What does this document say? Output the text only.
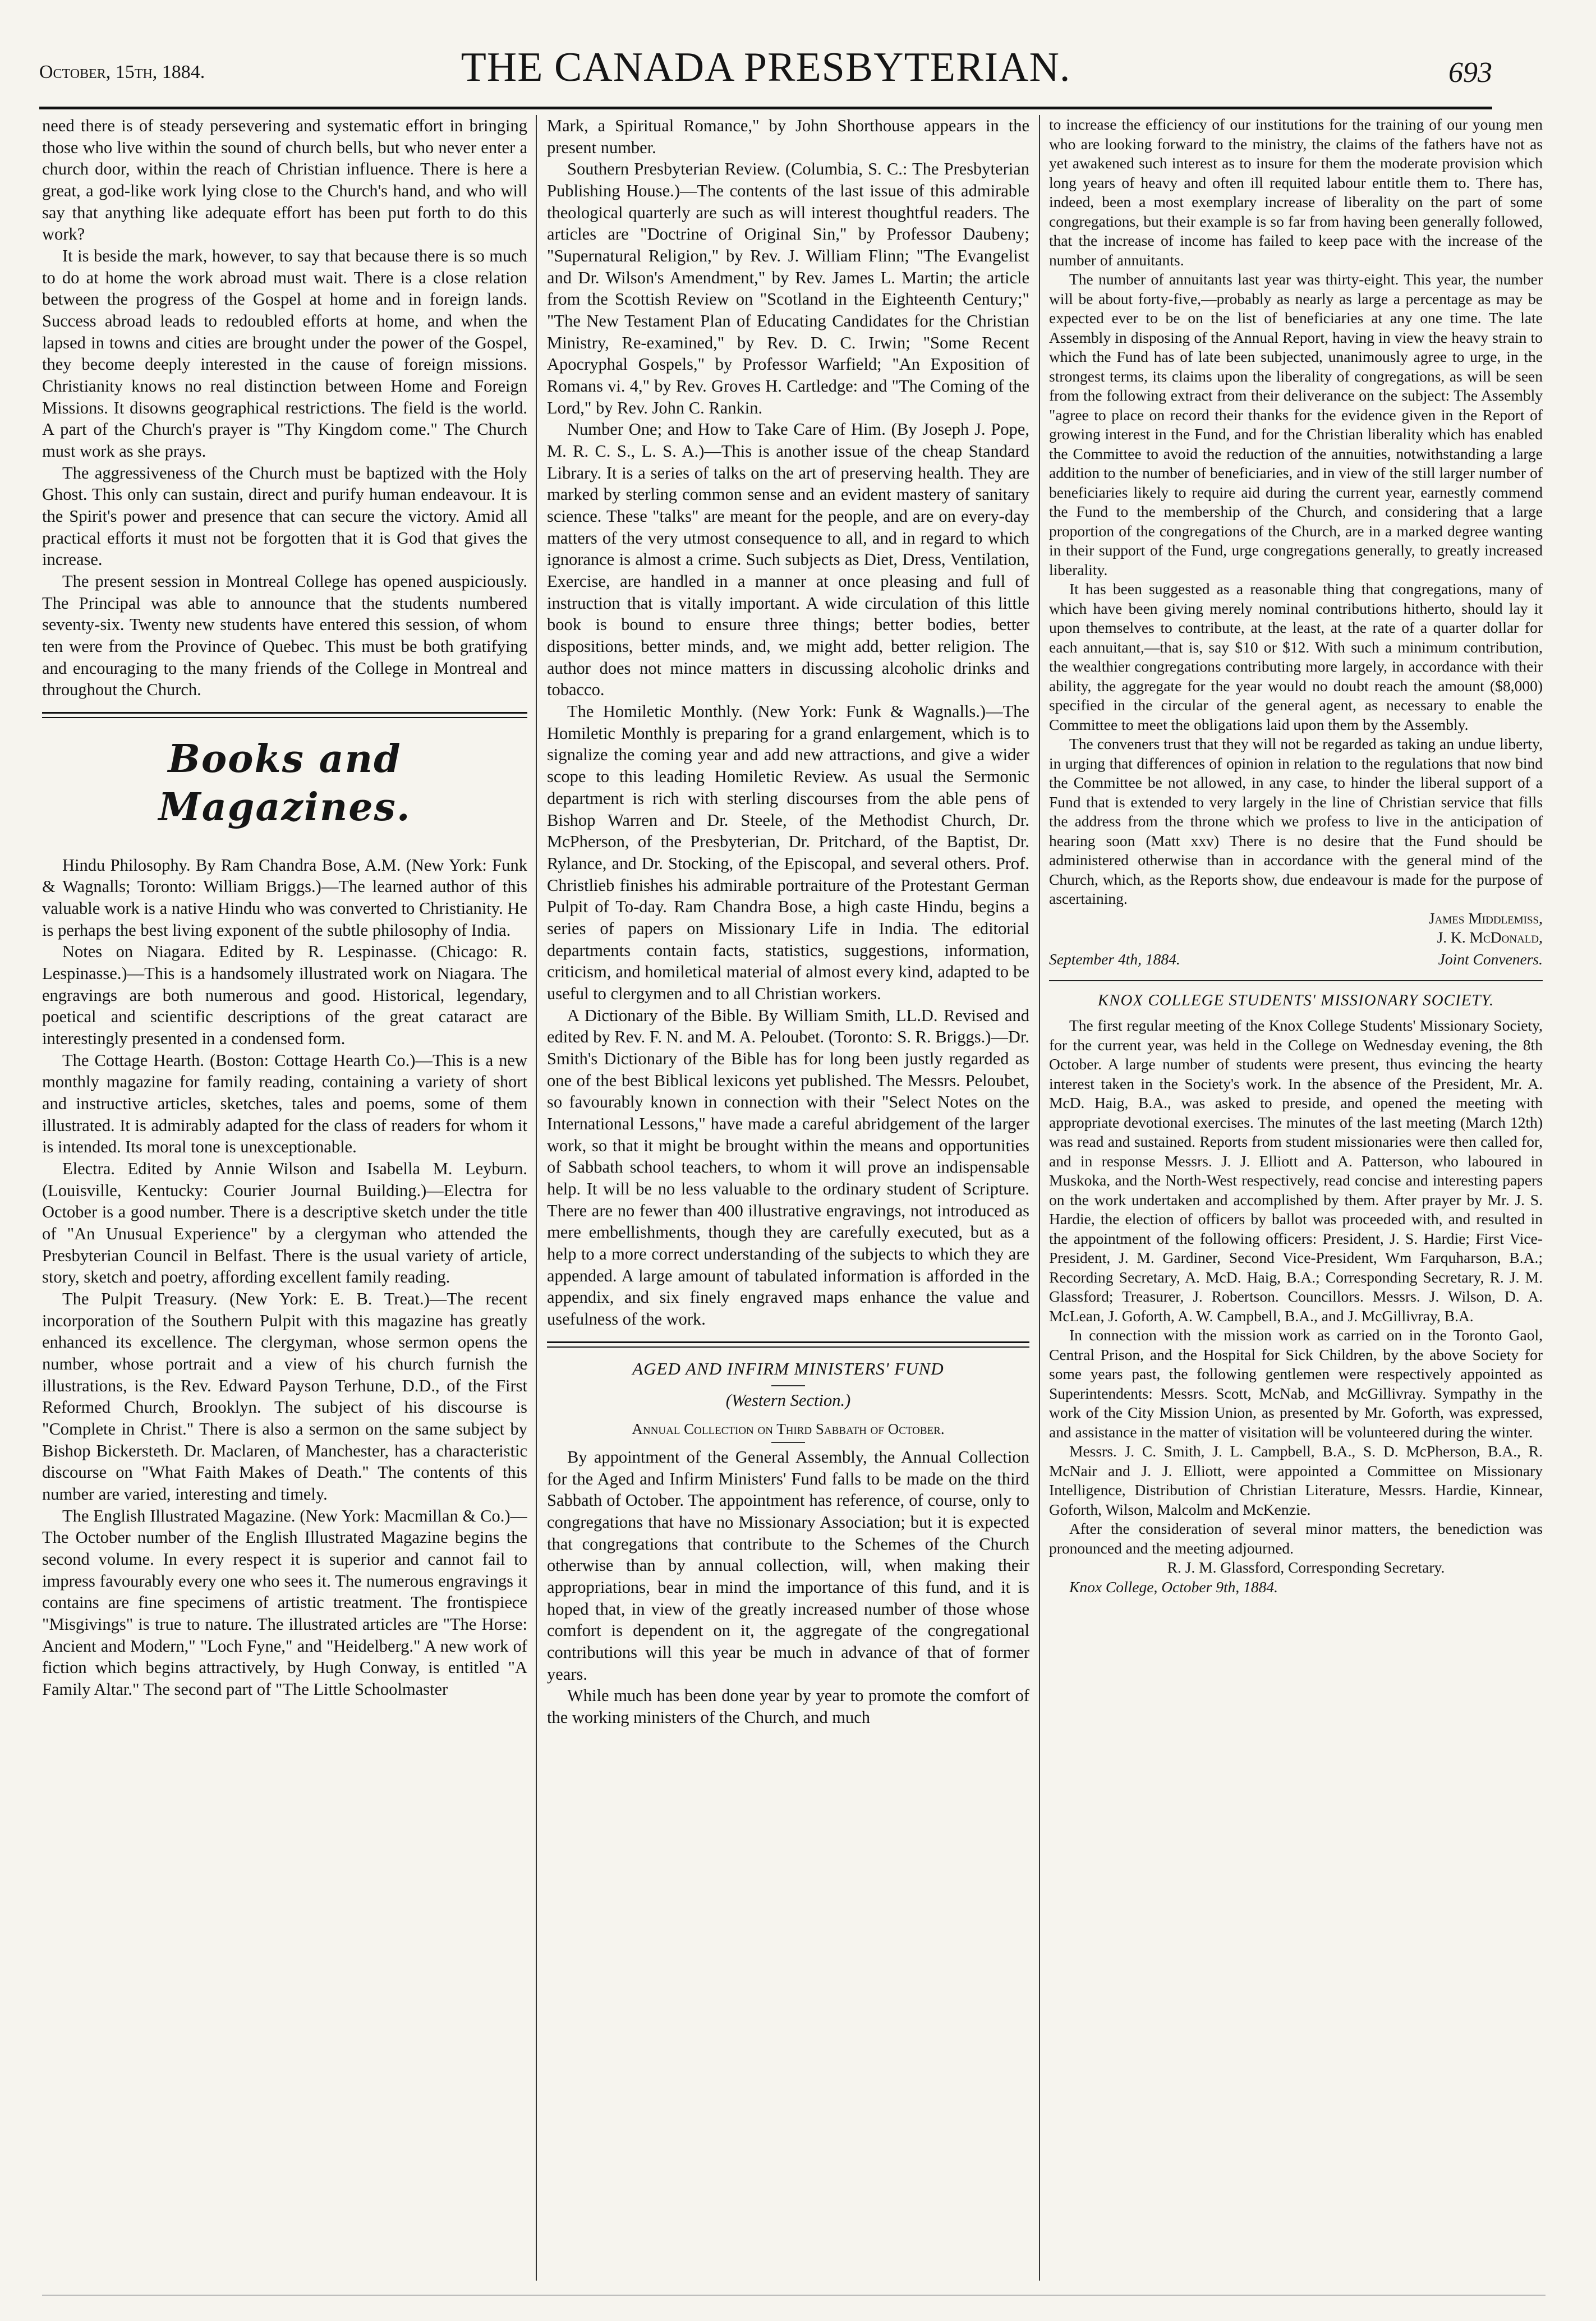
October, 15th, 1884.	THE CANADA PRESBYTERIAN.	693

need there is of steady persevering and systematic effort in bringing those who live within the sound of church bells, but who never enter a church door, within the reach of Christian influence. There is here a great, a god-like work lying close to the Church's hand, and who will say that anything like adequate effort has been put forth to do this work?

It is beside the mark, however, to say that because there is so much to do at home the work abroad must wait. There is a close relation between the progress of the Gospel at home and in foreign lands. Success abroad leads to redoubled efforts at home, and when the lapsed in towns and cities are brought under the power of the Gospel, they become deeply interested in the cause of foreign missions. Christianity knows no real distinction between Home and Foreign Missions. It disowns geographical restrictions. The field is the world. A part of the Church's prayer is "Thy Kingdom come." The Church must work as she prays.

The aggressiveness of the Church must be baptized with the Holy Ghost. This only can sustain, direct and purify human endeavour. It is the Spirit's power and presence that can secure the victory. Amid all practical efforts it must not be forgotten that it is God that gives the increase.

The present session in Montreal College has opened auspiciously. The Principal was able to announce that the students numbered seventy-six. Twenty new students have entered this session, of whom ten were from the Province of Quebec. This must be both gratifying and encouraging to the many friends of the College in Montreal and throughout the Church.

Books and Magazines.

Hindu Philosophy. By Ram Chandra Bose, A.M. (New York: Funk & Wagnalls; Toronto: William Briggs.)—The learned author of this valuable work is a native Hindu who was converted to Christianity. He is perhaps the best living exponent of the subtle philosophy of India.

Notes on Niagara. Edited by R. Lespinasse. (Chicago: R. Lespinasse.)—This is a handsomely illustrated work on Niagara. The engravings are both numerous and good. Historical, legendary, poetical and scientific descriptions of the great cataract are interestingly presented in a condensed form.

The Cottage Hearth. (Boston: Cottage Hearth Co.)—This is a new monthly magazine for family reading, containing a variety of short and instructive articles, sketches, tales and poems, some of them illustrated. It is admirably adapted for the class of readers for whom it is intended. Its moral tone is unexceptionable.

Electra. Edited by Annie Wilson and Isabella M. Leyburn. (Louisville, Kentucky: Courier Journal Building.)—Electra for October is a good number. There is a descriptive sketch under the title of "An Unusual Experience" by a clergyman who attended the Presbyterian Council in Belfast. There is the usual variety of article, story, sketch and poetry, affording excellent family reading.

The Pulpit Treasury. (New York: E. B. Treat.)—The recent incorporation of the Southern Pulpit with this magazine has greatly enhanced its excellence. The clergyman, whose sermon opens the number, whose portrait and a view of his church furnish the illustrations, is the Rev. Edward Payson Terhune, D.D., of the First Reformed Church, Brooklyn. The subject of his discourse is "Complete in Christ." There is also a sermon on the same subject by Bishop Bickersteth. Dr. Maclaren, of Manchester, has a characteristic discourse on "What Faith Makes of Death." The contents of this number are varied, interesting and timely.

The English Illustrated Magazine. (New York: Macmillan & Co.)—The October number of the English Illustrated Magazine begins the second volume. In every respect it is superior and cannot fail to impress favourably every one who sees it. The numerous engravings it contains are fine specimens of artistic treatment. The frontispiece "Misgivings" is true to nature. The illustrated articles are "The Horse: Ancient and Modern," "Loch Fyne," and "Heidelberg." A new work of fiction which begins attractively, by Hugh Conway, is entitled "A Family Altar." The second part of "The Little Schoolmaster

Mark, a Spiritual Romance," by John Shorthouse appears in the present number.

Southern Presbyterian Review. (Columbia, S. C.: The Presbyterian Publishing House.)—The contents of the last issue of this admirable theological quarterly are such as will interest thoughtful readers. The articles are "Doctrine of Original Sin," by Professor Daubeny; "Supernatural Religion," by Rev. J. William Flinn; "The Evangelist and Dr. Wilson's Amendment," by Rev. James L. Martin; the article from the Scottish Review on "Scotland in the Eighteenth Century;" "The New Testament Plan of Educating Candidates for the Christian Ministry, Re-examined," by Rev. D. C. Irwin; "Some Recent Apocryphal Gospels," by Professor Warfield; "An Exposition of Romans vi. 4," by Rev. Groves H. Cartledge: and "The Coming of the Lord," by Rev. John C. Rankin.

Number One; and How to Take Care of Him. (By Joseph J. Pope, M. R. C. S., L. S. A.)—This is another issue of the cheap Standard Library. It is a series of talks on the art of preserving health. They are marked by sterling common sense and an evident mastery of sanitary science. These "talks" are meant for the people, and are on every-day matters of the very utmost consequence to all, and in regard to which ignorance is almost a crime. Such subjects as Diet, Dress, Ventilation, Exercise, are handled in a manner at once pleasing and full of instruction that is vitally important. A wide circulation of this little book is bound to ensure three things; better bodies, better dispositions, better minds, and, we might add, better religion. The author does not mince matters in discussing alcoholic drinks and tobacco.

The Homiletic Monthly. (New York: Funk & Wagnalls.)—The Homiletic Monthly is preparing for a grand enlargement, which is to signalize the coming year and add new attractions, and give a wider scope to this leading Homiletic Review. As usual the Sermonic department is rich with sterling discourses from the able pens of Bishop Warren and Dr. Steele, of the Methodist Church, Dr. McPherson, of the Presbyterian, Dr. Pritchard, of the Baptist, Dr. Rylance, and Dr. Stocking, of the Episcopal, and several others. Prof. Christlieb finishes his admirable portraiture of the Protestant German Pulpit of To-day. Ram Chandra Bose, a high caste Hindu, begins a series of papers on Missionary Life in India. The editorial departments contain facts, statistics, suggestions, information, criticism, and homiletical material of almost every kind, adapted to be useful to clergymen and to all Christian workers.

A Dictionary of the Bible. By William Smith, LL.D. Revised and edited by Rev. F. N. and M. A. Peloubet. (Toronto: S. R. Briggs.)—Dr. Smith's Dictionary of the Bible has for long been justly regarded as one of the best Biblical lexicons yet published. The Messrs. Peloubet, so favourably known in connection with their "Select Notes on the International Lessons," have made a careful abridgement of the larger work, so that it might be brought within the means and opportunities of Sabbath school teachers, to whom it will prove an indispensable help. It will be no less valuable to the ordinary student of Scripture. There are no fewer than 400 illustrative engravings, not introduced as mere embellishments, though they are carefully executed, but as a help to a more correct understanding of the subjects to which they are appended. A large amount of tabulated information is afforded in the appendix, and six finely engraved maps enhance the value and usefulness of the work.

AGED AND INFIRM MINISTERS' FUND
(Western Section.)
Annual Collection on Third Sabbath of October.

By appointment of the General Assembly, the Annual Collection for the Aged and Infirm Ministers' Fund falls to be made on the third Sabbath of October. The appointment has reference, of course, only to congregations that have no Missionary Association; but it is expected that congregations that contribute to the Schemes of the Church otherwise than by annual collection, will, when making their appropriations, bear in mind the importance of this fund, and it is hoped that, in view of the greatly increased number of those whose comfort is dependent on it, the aggregate of the congregational contributions will this year be much in advance of that of former years.

While much has been done year by year to promote the comfort of the working ministers of the Church, and much

to increase the efficiency of our institutions for the training of our young men who are looking forward to the ministry, the claims of the fathers have not as yet awakened such interest as to insure for them the moderate provision which long years of heavy and often ill requited labour entitle them to. There has, indeed, been a most exemplary increase of liberality on the part of some congregations, but their example is so far from having been generally followed, that the increase of income has failed to keep pace with the increase of the number of annuitants.

The number of annuitants last year was thirty-eight. This year, the number will be about forty-five,—probably as nearly as large a percentage as may be expected ever to be on the list of beneficiaries at any one time. The late Assembly in disposing of the Annual Report, having in view the heavy strain to which the Fund has of late been subjected, unanimously agree to urge, in the strongest terms, its claims upon the liberality of congregations, as will be seen from the following extract from their deliverance on the subject: The Assembly "agree to place on record their thanks for the evidence given in the Report of growing interest in the Fund, and for the Christian liberality which has enabled the Committee to avoid the reduction of the annuities, notwithstanding a large addition to the number of beneficiaries, and in view of the still larger number of beneficiaries likely to require aid during the current year, earnestly commend the Fund to the membership of the Church, and considering that a large proportion of the congregations of the Church, are in a marked degree wanting in their support of the Fund, urge congregations generally, to greatly increased liberality.

It has been suggested as a reasonable thing that congregations, many of which have been giving merely nominal contributions hitherto, should lay it upon themselves to contribute, at the least, at the rate of a quarter dollar for each annuitant,—that is, say $10 or $12. With such a minimum contribution, the wealthier congregations contributing more largely, in accordance with their ability, the aggregate for the year would no doubt reach the amount ($8,000) specified in the circular of the general agent, as necessary to enable the Committee to meet the obligations laid upon them by the Assembly.

The conveners trust that they will not be regarded as taking an undue liberty, in urging that differences of opinion in relation to the regulations that now bind the Committee be not allowed, in any case, to hinder the liberal support of a Fund that is extended to very largely in the line of Christian service that fills the address from the throne which we profess to live in the anticipation of hearing soon (Matt xxv) There is no desire that the Fund should be administered otherwise than in accordance with the general mind of the Church, which, as the Reports show, due endeavour is made for the purpose of ascertaining.

James Middlemiss,

J. K. McDonald,

September 4th, 1884.	Joint Conveners.
KNOX COLLEGE STUDENTS' MISSIONARY SOCIETY.

The first regular meeting of the Knox College Students' Missionary Society, for the current year, was held in the College on Wednesday evening, the 8th October. A large number of students were present, thus evincing the hearty interest taken in the Society's work. In the absence of the President, Mr. A. McD. Haig, B.A., was asked to preside, and opened the meeting with appropriate devotional exercises. The minutes of the last meeting (March 12th) was read and sustained. Reports from student missionaries were then called for, and in response Messrs. J. J. Elliott and A. Patterson, who laboured in Muskoka, and the North-West respectively, read concise and interesting papers on the work undertaken and accomplished by them. After prayer by Mr. J. S. Hardie, the election of officers by ballot was proceeded with, and resulted in the appointment of the following officers: President, J. S. Hardie; First Vice-President, J. M. Gardiner, Second Vice-President, Wm Farquharson, B.A.; Recording Secretary, A. McD. Haig, B.A.; Corresponding Secretary, R. J. M. Glassford; Treasurer, J. Robertson. Councillors. Messrs. J. Wilson, D. A. McLean, J. Goforth, A. W. Campbell, B.A., and J. McGillivray, B.A.

In connection with the mission work as carried on in the Toronto Gaol, Central Prison, and the Hospital for Sick Children, by the above Society for some years past, the following gentlemen were respectively appointed as Superintendents: Messrs. Scott, McNab, and McGillivray. Sympathy in the work of the City Mission Union, as presented by Mr. Goforth, was expressed, and assistance in the matter of visitation will be volunteered during the winter.

Messrs. J. C. Smith, J. L. Campbell, B.A., S. D. McPherson, B.A., R. McNair and J. J. Elliott, were appointed a Committee on Missionary Intelligence, Distribution of Christian Literature, Messrs. Hardie, Kinnear, Goforth, Wilson, Malcolm and McKenzie.

After the consideration of several minor matters, the benediction was pronounced and the meeting adjourned.

R. J. M. Glassford, Corresponding Secretary.

Knox College, October 9th, 1884.
